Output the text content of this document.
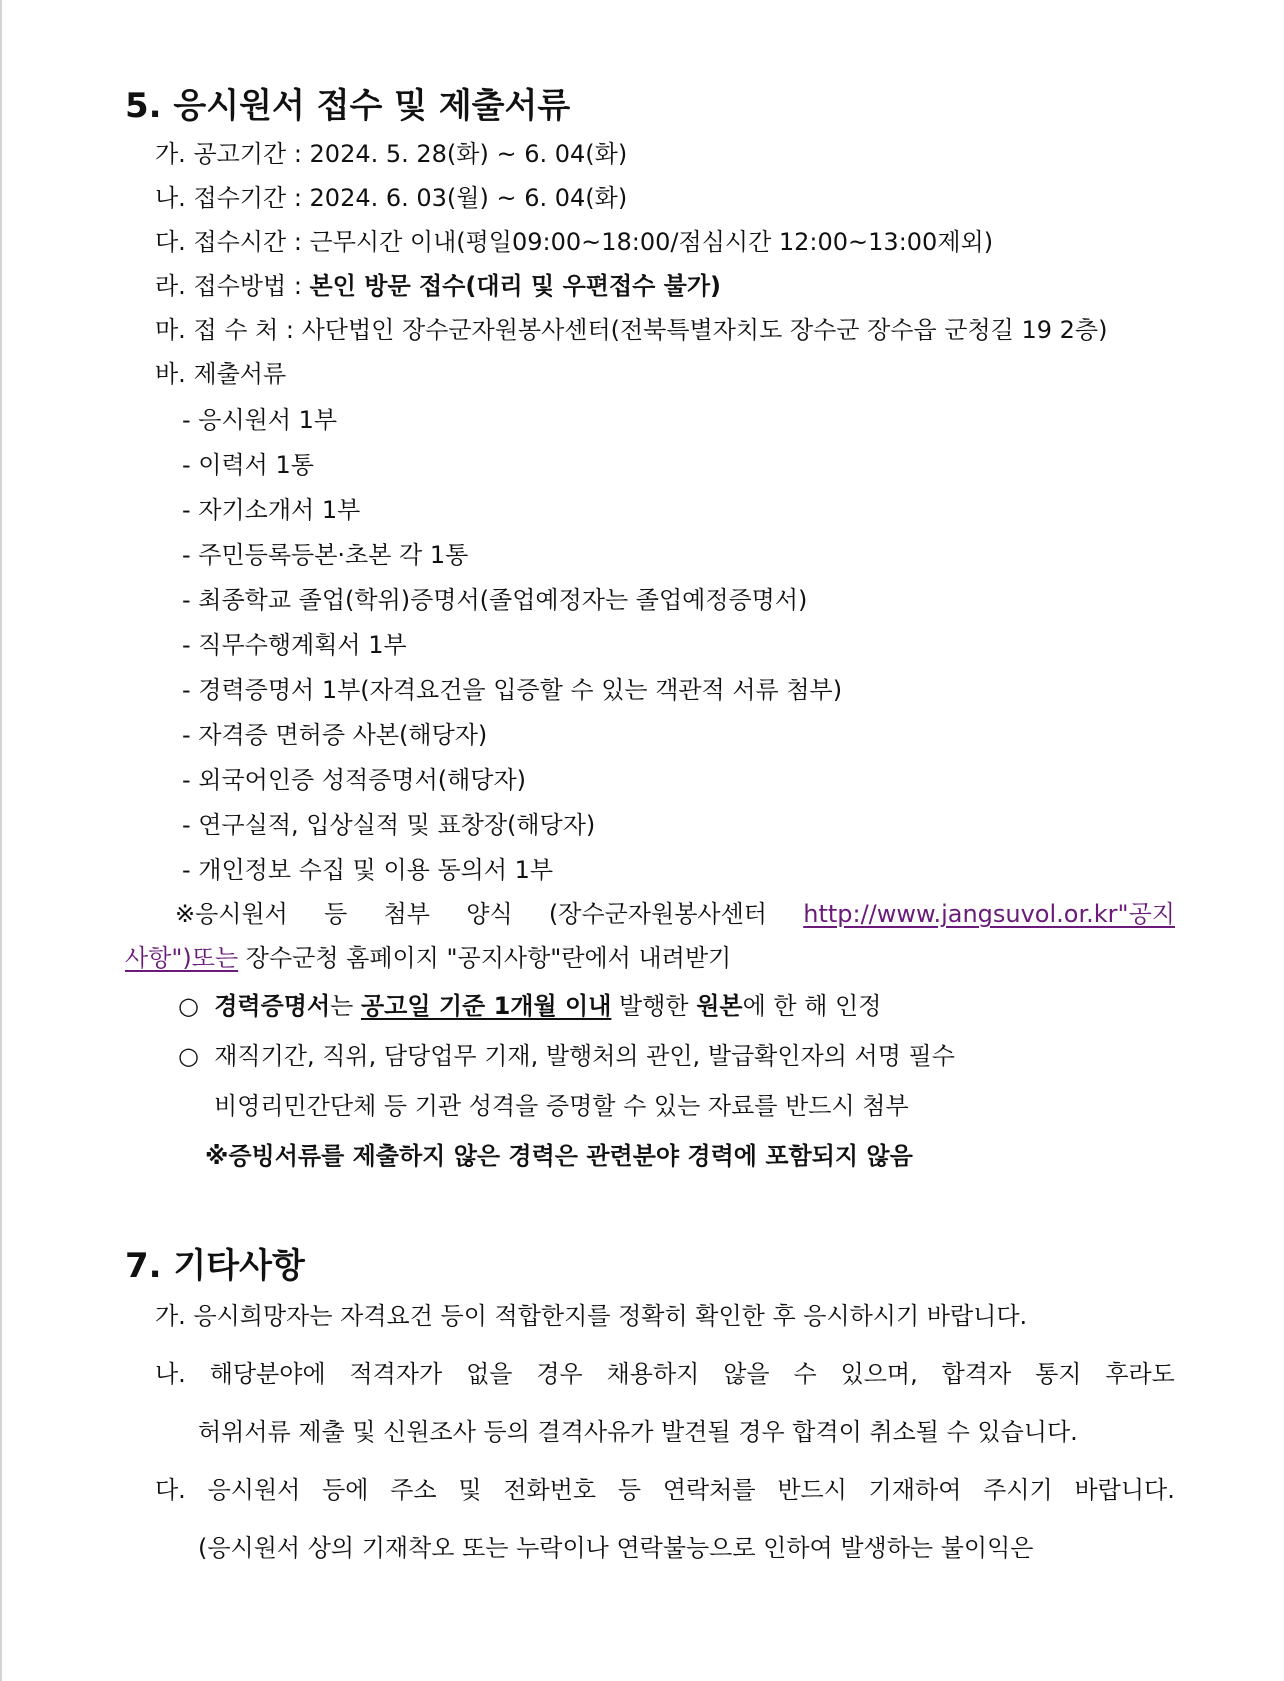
5. 응시원서 접수 및 제출서류
가. 공고기간 : 2024. 5. 28(화) ~ 6. 04(화)
나. 접수기간 : 2024. 6. 03(월) ~ 6. 04(화)
다. 접수시간 : 근무시간 이내(평일09:00~18:00/점심시간 12:00~13:00제외)
라. 접수방법 : 본인 방문 접수(대리 및 우편접수 불가)
마. 접 수 처 : 사단법인 장수군자원봉사센터(전북특별자치도 장수군 장수읍 군청길 19 2층)
바. 제출서류
- 응시원서 1부
- 이력서 1통
- 자기소개서 1부
- 주민등록등본·초본 각 1통
- 최종학교 졸업(학위)증명서(졸업예정자는 졸업예정증명서)
- 직무수행계획서 1부
- 경력증명서 1부(자격요건을 입증할 수 있는 객관적 서류 첨부)
- 자격증 면허증 사본(해당자)
- 외국어인증 성적증명서(해당자)
- 연구실적, 입상실적 및 표창장(해당자)
- 개인정보 수집 및 이용 동의서 1부
※응시원서 등 첨부 양식 (장수군자원봉사센터 http://www.jangsuvol.or.kr"공지
사항")또는 장수군청 홈페이지 "공지사항"란에서 내려받기
○ 경력증명서는 공고일 기준 1개월 이내 발행한 원본에 한 해 인정
○ 재직기간, 직위, 담당업무 기재, 발행처의 관인, 발급확인자의 서명 필수
비영리민간단체 등 기관 성격을 증명할 수 있는 자료를 반드시 첨부
※증빙서류를 제출하지 않은 경력은 관련분야 경력에 포함되지 않음
7. 기타사항
가. 응시희망자는 자격요건 등이 적합한지를 정확히 확인한 후 응시하시기 바랍니다.
나. 해당분야에 적격자가 없을 경우 채용하지 않을 수 있으며, 합격자 통지 후라도
허위서류 제출 및 신원조사 등의 결격사유가 발견될 경우 합격이 취소될 수 있습니다.
다. 응시원서 등에 주소 및 전화번호 등 연락처를 반드시 기재하여 주시기 바랍니다.
(응시원서 상의 기재착오 또는 누락이나 연락불능으로 인하여 발생하는 불이익은
